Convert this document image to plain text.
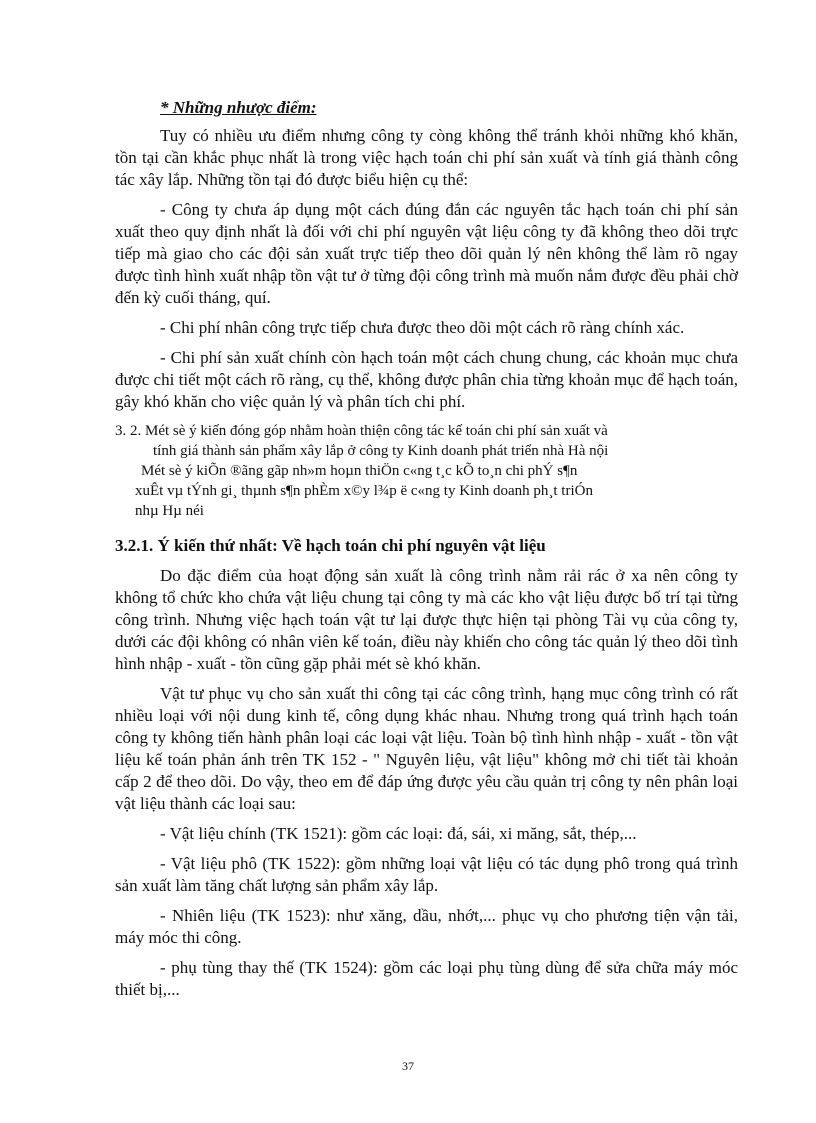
* Những nhược điểm:

Tuy có nhiều ưu điểm nhưng công ty còng không thể tránh khỏi những khó khăn, tồn tại cần khắc phục nhất là trong việc hạch toán chi phí sản xuất và tính giá thành công tác xây lắp. Những tồn tại đó được biểu hiện cụ thể:

- Công ty chưa áp dụng một cách đúng đắn các nguyên tắc hạch toán chi phí sản xuất theo quy định nhất là đối với chi phí nguyên vật liệu công ty đã không theo dõi trực tiếp mà giao cho các đội sản xuất trực tiếp theo dõi quản lý nên không thể làm rõ ngay được tình hình xuất nhập tồn vật tư ở từng đội công trình mà muốn nắm được đều phải chờ đến kỳ cuối tháng, quí.

- Chi phí nhân công trực tiếp chưa được theo dõi một cách rõ ràng chính xác.

- Chi phí sản xuất chính còn hạch toán một cách chung chung, các khoản mục chưa được chi tiết một cách rõ ràng, cụ thể, không được phân chia từng khoản mục để hạch toán, gây khó khăn cho việc quản lý và phân tích chi phí.

3. 2. Mét sè ý kiến đóng góp nhằm hoàn thiện công tác kế toán chi phí sản xuất và
tính giá thành sản phẩm xây lắp ở công ty Kinh doanh phát triển nhà Hà nội
Mét sè ý kiÕn ®ãng gãp nh»m hoµn thiÖn c«ng t¸c kÕ to¸n chi phÝ s¶n
xuÊt vµ tÝnh gi¸ thµnh s¶n phÈm x©y l¾p ë c«ng ty Kinh doanh ph¸t triÓn
nhµ Hµ néi
3.2.1. Ý kiến thứ nhất: Về hạch toán chi phí nguyên vật liệu

Do đặc điểm của hoạt động sản xuất là công trình nằm rải rác ở xa nên công ty không tổ chức kho chứa vật liệu chung tại công ty mà các kho vật liệu được bố trí tại từng công trình. Nhưng việc hạch toán vật tư lại được thực hiện tại phòng Tài vụ của công ty, dưới các đội không có nhân viên kế toán, điều này khiến cho công tác quản lý theo dõi tình hình nhập - xuất - tồn cũng gặp phải mét sè khó khăn.

Vật tư phục vụ cho sản xuất thi công tại các công trình, hạng mục công trình có rất nhiều loại với nội dung kinh tế, công dụng khác nhau. Nhưng trong quá trình hạch toán công ty không tiến hành phân loại các loại vật liệu. Toàn bộ tình hình nhập - xuất - tồn vật liệu kế toán phản ánh trên TK 152 - " Nguyên liệu, vật liệu" không mở chi tiết tài khoản cấp 2 để theo dõi. Do vậy, theo em để đáp ứng được yêu cầu quản trị công ty nên phân loại vật liệu thành các loại sau:

- Vật liệu chính (TK 1521): gồm các loại: đá, sái, xi măng, sắt, thép,...

- Vật liệu phô (TK 1522): gồm những loại vật liệu có tác dụng phô trong quá trình sản xuất làm tăng chất lượng sản phẩm xây lắp.

- Nhiên liệu (TK 1523): như xăng, dầu, nhớt,... phục vụ cho phương tiện vận tải, máy móc thi công.

- phụ tùng thay thế (TK 1524): gồm các loại phụ tùng dùng để sửa chữa máy móc thiết bị,...

37
